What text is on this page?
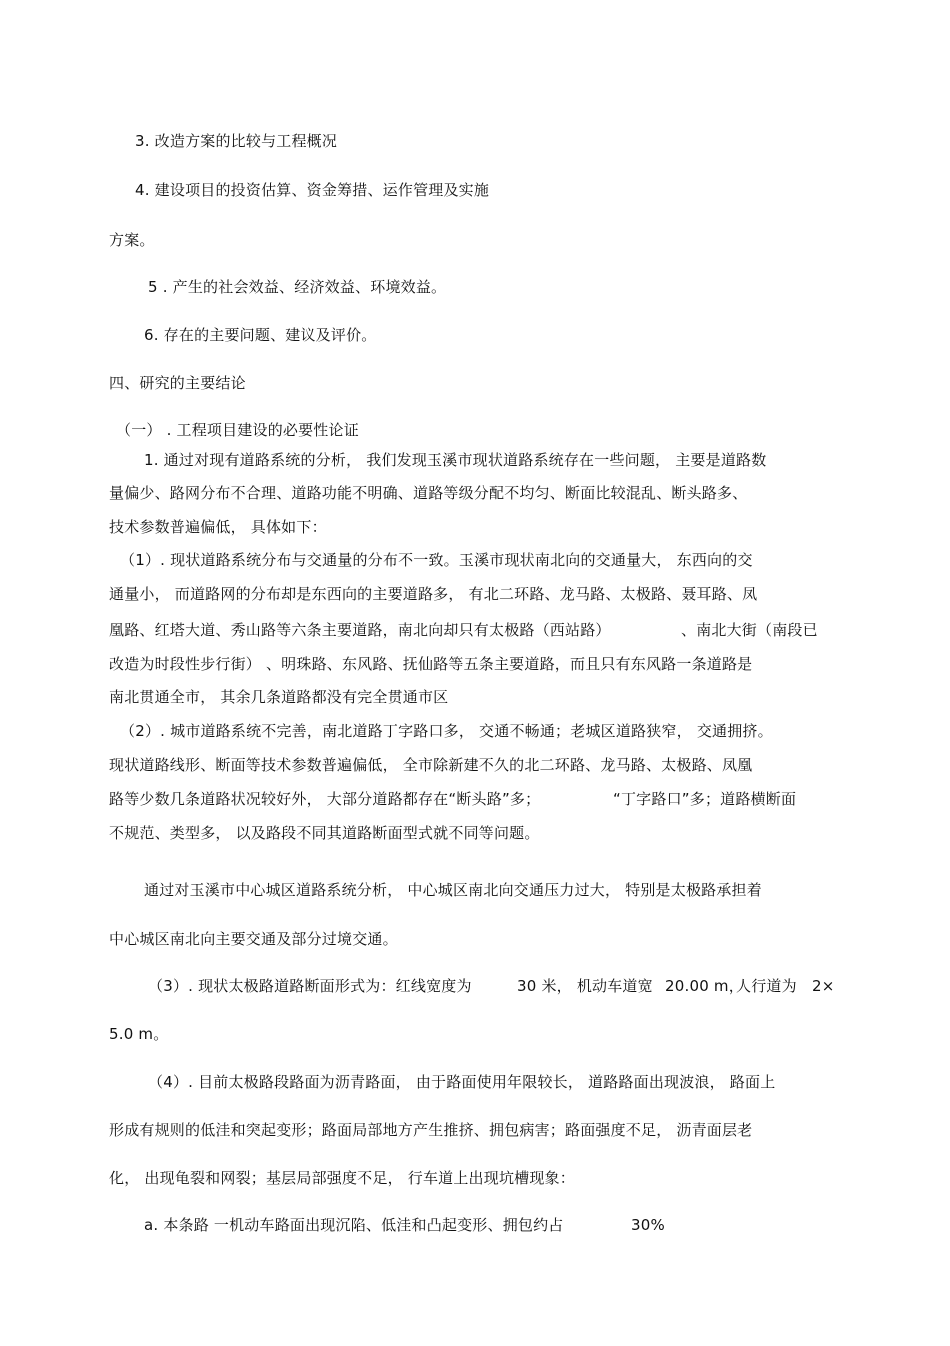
3. 改造方案的比较与工程概况
4. 建设项目的投资估算、资金筹措、运作管理及实施
方案。
5 . 产生的社会效益、经济效益、环境效益。
6. 存在的主要问题、建议及评价。
四、研究的主要结论
（一） . 工程项目建设的必要性论证
1. 通过对现有道路系统的分析， 我们发现玉溪市现状道路系统存在一些问题， 主要是道路数
量偏少、路网分布不合理、道路功能不明确、道路等级分配不均匀、断面比较混乱、断头路多、
技术参数普遍偏低， 具体如下：
（1）. 现状道路系统分布与交通量的分布不一致。玉溪市现状南北向的交通量大， 东西向的交
通量小， 而道路网的分布却是东西向的主要道路多， 有北二环路、龙马路、太极路、聂耳路、凤
凰路、红塔大道、秀山路等六条主要道路，南北向却只有太极路（西站路）	、南北大街（南段已
改造为时段性步行街） 、明珠路、东风路、抚仙路等五条主要道路，而且只有东风路一条道路是
南北贯通全市， 其余几条道路都没有完全贯通市区
（2）. 城市道路系统不完善，南北道路丁字路口多， 交通不畅通；老城区道路狭窄， 交通拥挤。
现状道路线形、断面等技术参数普遍偏低， 全市除新建不久的北二环路、龙马路、太极路、凤凰
路等少数几条道路状况较好外， 大部分道路都存在“断头路”多；	“丁字路口”多；道路横断面
不规范、类型多， 以及路段不同其道路断面型式就不同等问题。
通过对玉溪市中心城区道路系统分析， 中心城区南北向交通压力过大， 特别是太极路承担着
中心城区南北向主要交通及部分过境交通。
（3）. 现状太极路道路断面形式为：红线宽度为	30 米， 机动车道宽 20.00 m，
人行道为 2×
5.0 m。
（4）. 目前太极路段路面为沥青路面， 由于路面使用年限较长， 道路路面出现波浪， 路面上
形成有规则的低洼和突起变形；路面局部地方产生推挤、拥包病害；路面强度不足， 沥青面层老
化， 出现龟裂和网裂；基层局部强度不足， 行车道上出现坑槽现象：
a. 本条路 一机动车路面出现沉陷、低洼和凸起变形、拥包约占	30%
